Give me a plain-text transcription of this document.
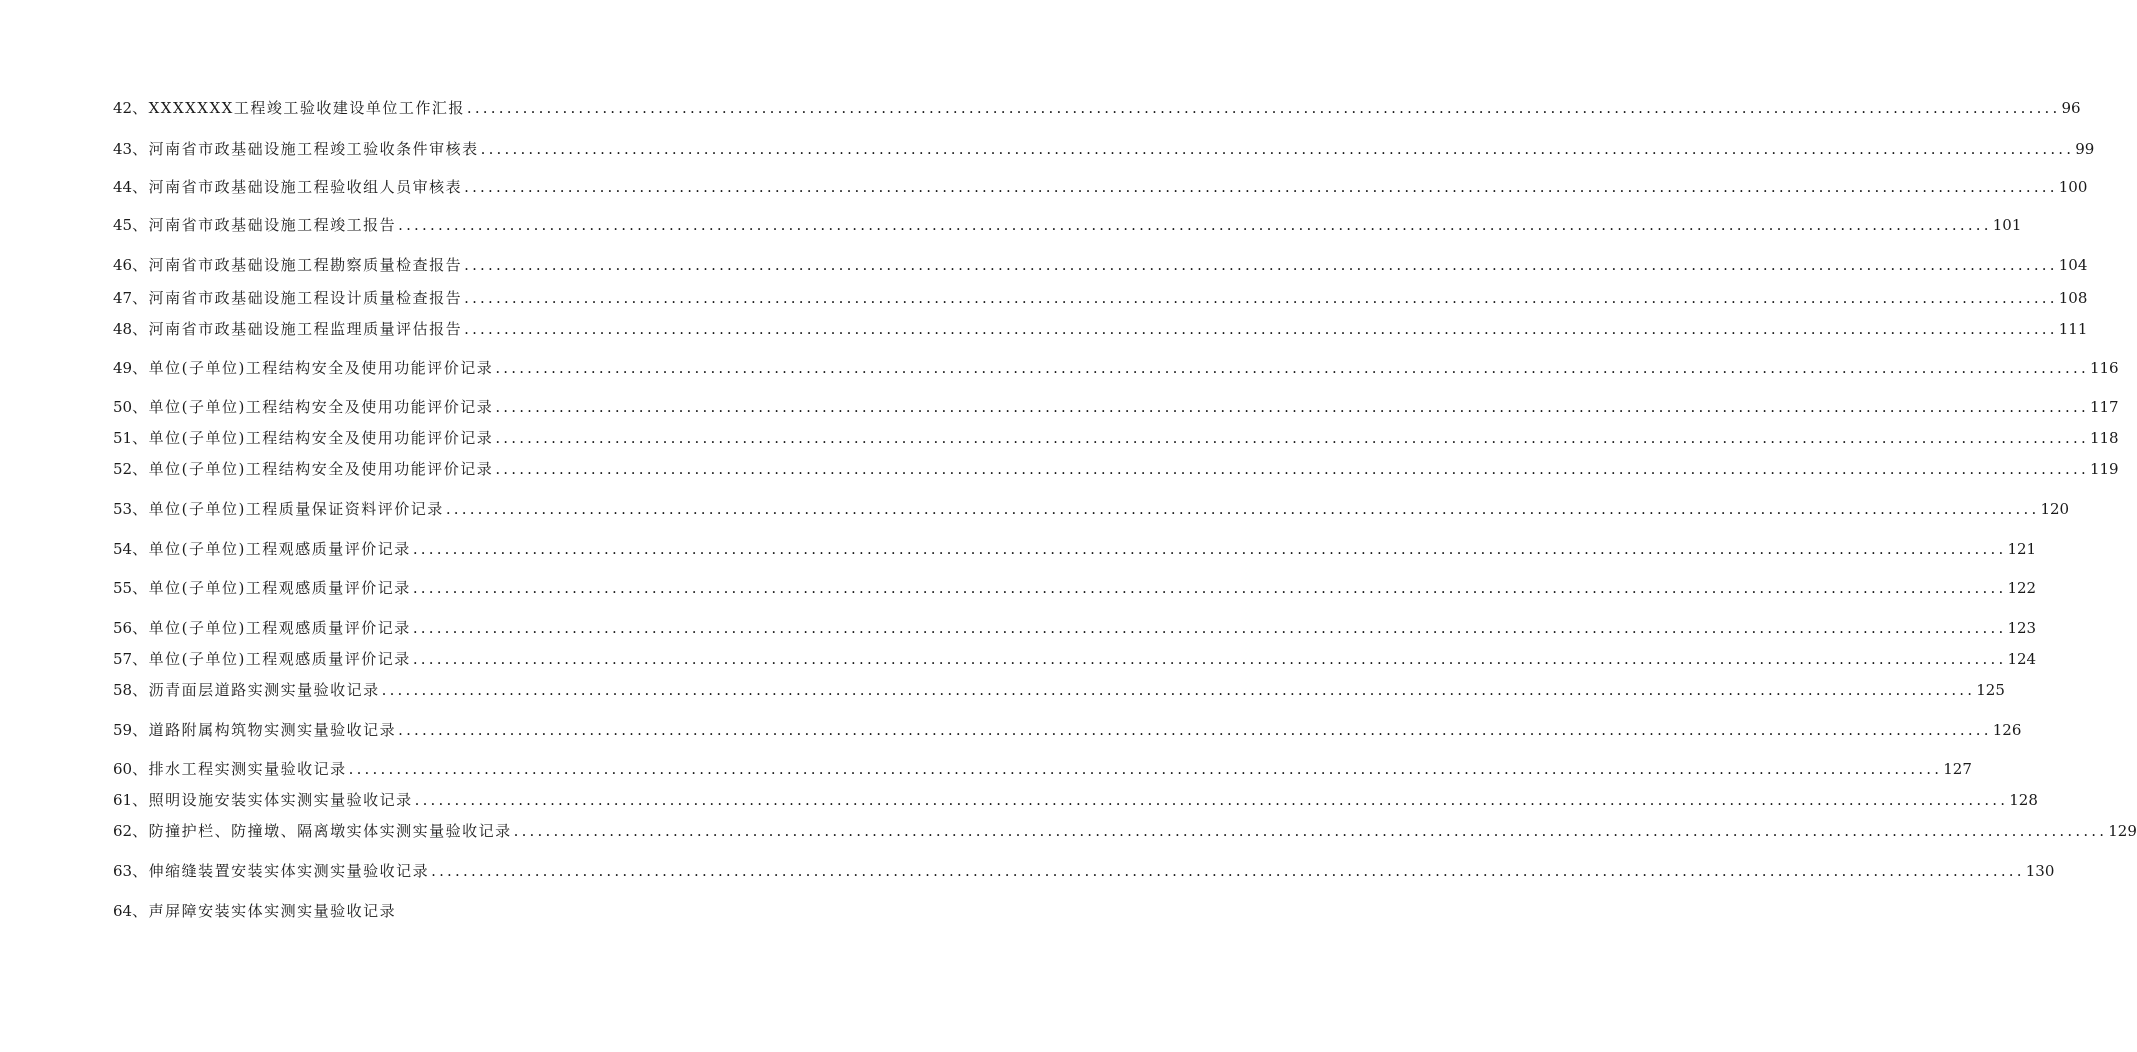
42 、XXXXXXX工程竣工验收建设单位工作汇报 ........................................................................................................................................................................................................ 96
43 、河南省市政基础设施工程竣工验收条件审核表 ........................................................................................................................................................................................................ 99
44 、河南省市政基础设施工程验收组人员审核表 ........................................................................................................................................................................................................ 100
45 、河南省市政基础设施工程竣工报告 ........................................................................................................................................................................................................ 101
46 、河南省市政基础设施工程勘察质量检查报告 ........................................................................................................................................................................................................ 104
47 、河南省市政基础设施工程设计质量检查报告 ........................................................................................................................................................................................................ 108
48 、河南省市政基础设施工程监理质量评估报告 ........................................................................................................................................................................................................ 111
49 、单位(子单位)工程结构安全及使用功能评价记录 ........................................................................................................................................................................................................ 116
50 、单位(子单位)工程结构安全及使用功能评价记录 ........................................................................................................................................................................................................ 117
51 、单位(子单位)工程结构安全及使用功能评价记录 ........................................................................................................................................................................................................ 118
52 、单位(子单位)工程结构安全及使用功能评价记录 ........................................................................................................................................................................................................ 119
53 、单位(子单位)工程质量保证资料评价记录 ........................................................................................................................................................................................................ 120
54 、单位(子单位)工程观感质量评价记录 ........................................................................................................................................................................................................ 121
55 、单位(子单位)工程观感质量评价记录 ........................................................................................................................................................................................................ 122
56 、单位(子单位)工程观感质量评价记录 ........................................................................................................................................................................................................ 123
57 、单位(子单位)工程观感质量评价记录 ........................................................................................................................................................................................................ 124
58 、沥青面层道路实测实量验收记录 ........................................................................................................................................................................................................ 125
59 、道路附属构筑物实测实量验收记录 ........................................................................................................................................................................................................ 126
60 、排水工程实测实量验收记录 ........................................................................................................................................................................................................ 127
61 、照明设施安装实体实测实量验收记录 ........................................................................................................................................................................................................ 128
62 、防撞护栏、防撞墩、隔离墩实体实测实量验收记录 ........................................................................................................................................................................................................ 129
63 、伸缩缝装置安装实体实测实量验收记录 ........................................................................................................................................................................................................ 130
64 、声屏障安装实体实测实量验收记录
